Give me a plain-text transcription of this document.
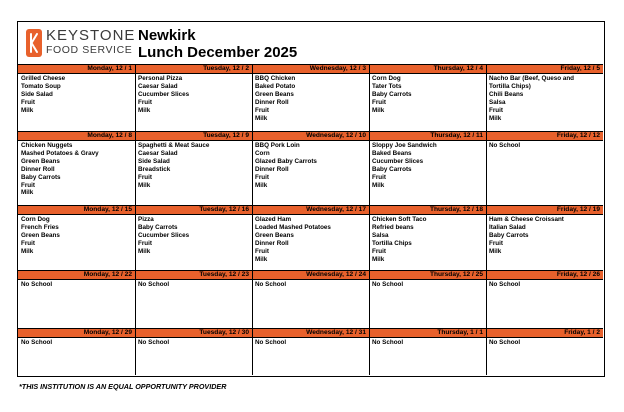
KEYSTONE
FOOD SERVICE
Newkirk
Lunch December 2025
Monday, 12 / 1
Grilled Cheese
Tomato Soup
Side Salad
Fruit
Milk
Tuesday, 12 / 2
Personal Pizza
Caesar Salad
Cucumber Slices
Fruit
Milk
Wednesday, 12 / 3
BBQ Chicken
Baked Potato
Green Beans
Dinner Roll
Fruit
Milk
Thursday, 12 / 4
Corn Dog
Tater Tots
Baby Carrots
Fruit
Milk
Friday, 12 / 5
Nacho Bar (Beef, Queso and
Tortilla Chips)
Chili Beans
Salsa
Fruit
Milk
Monday, 12 / 8
Chicken Nuggets
Mashed Potatoes & Gravy
Green Beans
Dinner Roll
Baby Carrots
Fruit
Milk
Tuesday, 12 / 9
Spaghetti & Meat Sauce
Caesar Salad
Side Salad
Breadstick
Fruit
Milk
Wednesday, 12 / 10
BBQ Pork Loin
Corn
Glazed Baby Carrots
Dinner Roll
Fruit
Milk
Thursday, 12 / 11
Sloppy Joe Sandwich
Baked Beans
Cucumber Slices
Baby Carrots
Fruit
Milk
Friday, 12 / 12
No School
Monday, 12 / 15
Corn Dog
French Fries
Green Beans
Fruit
Milk
Tuesday, 12 / 16
Pizza
Baby Carrots
Cucumber Slices
Fruit
Milk
Wednesday, 12 / 17
Glazed Ham
Loaded Mashed Potatoes
Green Beans
Dinner Roll
Fruit
Milk
Thursday, 12 / 18
Chicken Soft Taco
Refried beans
Salsa
Tortilla Chips
Fruit
Milk
Friday, 12 / 19
Ham & Cheese Croissant
Italian Salad
Baby Carrots
Fruit
Milk
Monday, 12 / 22
No School
Tuesday, 12 / 23
No School
Wednesday, 12 / 24
No School
Thursday, 12 / 25
No School
Friday, 12 / 26
No School
Monday, 12 / 29
No School
Tuesday, 12 / 30
No School
Wednesday, 12 / 31
No School
Thursday, 1 / 1
No School
Friday, 1 / 2
No School
*THIS INSTITUTION IS AN EQUAL OPPORTUNITY PROVIDER
